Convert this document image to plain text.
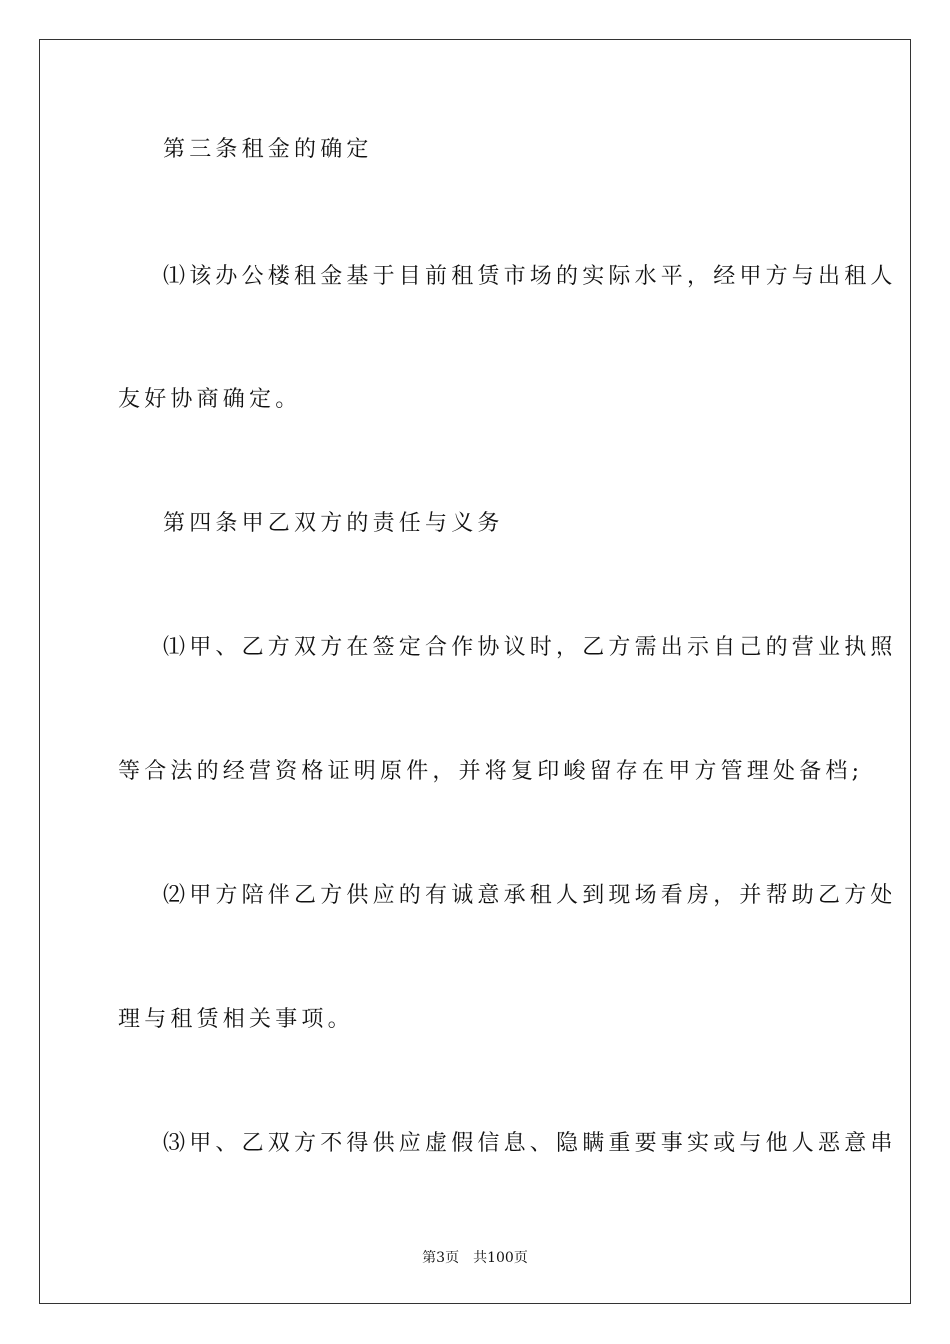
第三条租金的确定
⑴该办公楼租金基于目前租赁市场的实际水平，经甲方与出租人
友好协商确定。
第四条甲乙双方的责任与义务
⑴甲、乙方双方在签定合作协议时，乙方需出示自己的营业执照
等合法的经营资格证明原件，并将复印峻留存在甲方管理处备档;
⑵甲方陪伴乙方供应的有诚意承租人到现场看房，并帮助乙方处
理与租赁相关事项。
⑶甲、乙双方不得供应虚假信息、隐瞒重要事实或与他人恶意串
第3页 共100页
